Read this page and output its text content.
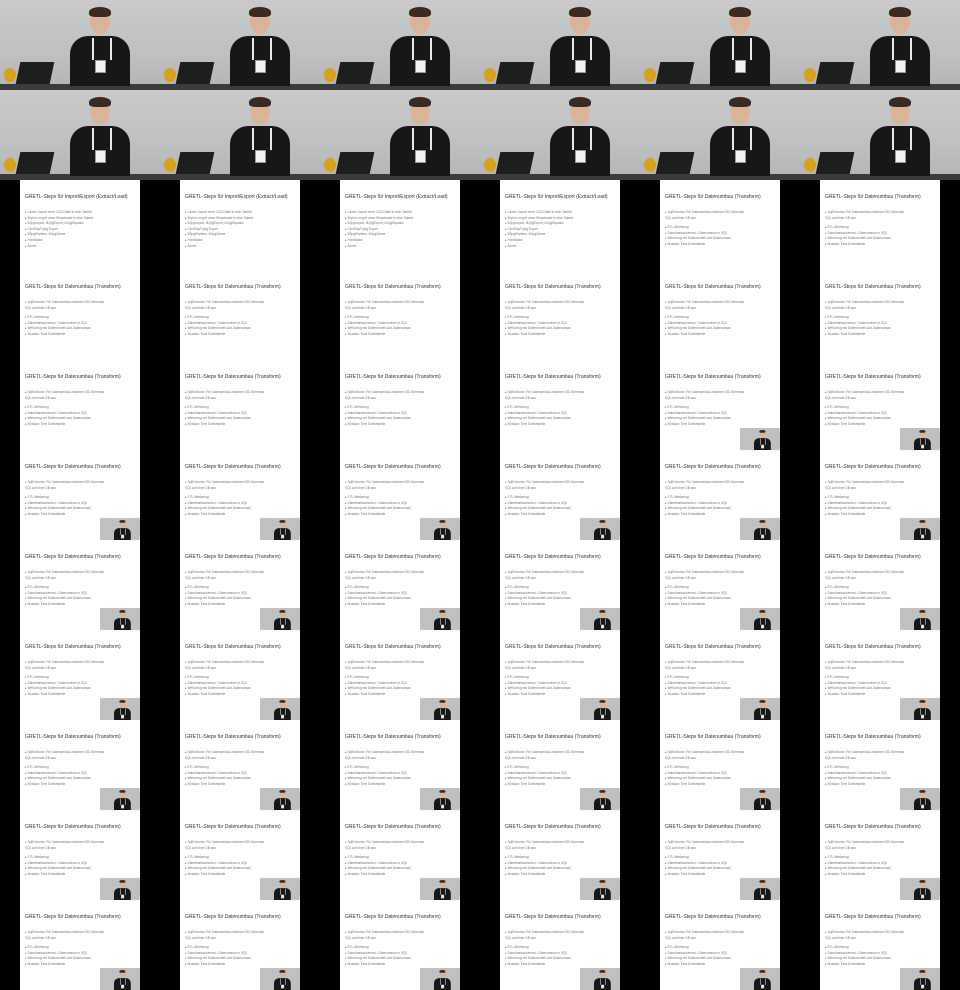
GRETL-Steps für Import/Export (Extract/Load)
▸ Csvlm: Import einer CSV-Datei in eine Tabelle
▸ Shplm: Import einer Shapedatei in eine Tabelle
▸ Ili2pgImport, Ili2pgExport, Ili2pgReplace
▸ Csv/Shp/Gpkg Export
▸ Ili2pgReplace, Ili2pgDelete
▸ Publikation
▸ Archiv: ...
GRETL-Steps für Import/Export (Extract/Load)
▸ Csvlm: Import einer CSV-Datei in eine Tabelle
▸ Shplm: Import einer Shapedatei in eine Tabelle
▸ Ili2pgImport, Ili2pgExport, Ili2pgReplace
▸ Csv/Shp/Gpkg Export
▸ Ili2pgReplace, Ili2pgDelete
▸ Publikation
▸ Archiv: ...
GRETL-Steps für Import/Export (Extract/Load)
▸ Csvlm: Import einer CSV-Datei in eine Tabelle
▸ Shplm: Import einer Shapedatei in eine Tabelle
▸ Ili2pgImport, Ili2pgExport, Ili2pgReplace
▸ Csv/Shp/Gpkg Export
▸ Ili2pgReplace, Ili2pgDelete
▸ Publikation
▸ Archiv: ...
GRETL-Steps für Import/Export (Extract/Load)
▸ Csvlm: Import einer CSV-Datei in eine Tabelle
▸ Shplm: Import einer Shapedatei in eine Tabelle
▸ Ili2pgImport, Ili2pgExport, Ili2pgReplace
▸ Csv/Shp/Gpkg Export
▸ Ili2pgReplace, Ili2pgDelete
▸ Publikation
▸ Archiv: ...
GRETL-Steps für Datenumbau (Transform)
▸ SqlExecutor: Für Datenumbau zwischen DB-Schemas
SQL auf einer DB aus
▸ ETL-Werkzeug
▸ Datenbankschemen / Datenumbau in SQL
▸ Werkzeug mit Datenmodell und Datenumbau
▸ Modular: Eine Schnittstelle
GRETL-Steps für Datenumbau (Transform)
▸ SqlExecutor: Für Datenumbau zwischen DB-Schemas
SQL auf einer DB aus
▸ ETL-Werkzeug
▸ Datenbankschemen / Datenumbau in SQL
▸ Werkzeug mit Datenmodell und Datenumbau
▸ Modular: Eine Schnittstelle
GRETL-Steps für Datenumbau (Transform)
▸ SqlExecutor: Für Datenumbau zwischen DB-Schemas
SQL auf einer DB aus
▸ ETL-Werkzeug
▸ Datenbankschemen / Datenumbau in SQL
▸ Werkzeug mit Datenmodell und Datenumbau
▸ Modular: Eine Schnittstelle
GRETL-Steps für Datenumbau (Transform)
▸ SqlExecutor: Für Datenumbau zwischen DB-Schemas
SQL auf einer DB aus
▸ ETL-Werkzeug
▸ Datenbankschemen / Datenumbau in SQL
▸ Werkzeug mit Datenmodell und Datenumbau
▸ Modular: Eine Schnittstelle
GRETL-Steps für Datenumbau (Transform)
▸ SqlExecutor: Für Datenumbau zwischen DB-Schemas
SQL auf einer DB aus
▸ ETL-Werkzeug
▸ Datenbankschemen / Datenumbau in SQL
▸ Werkzeug mit Datenmodell und Datenumbau
▸ Modular: Eine Schnittstelle
GRETL-Steps für Datenumbau (Transform)
▸ SqlExecutor: Für Datenumbau zwischen DB-Schemas
SQL auf einer DB aus
▸ ETL-Werkzeug
▸ Datenbankschemen / Datenumbau in SQL
▸ Werkzeug mit Datenmodell und Datenumbau
▸ Modular: Eine Schnittstelle
GRETL-Steps für Datenumbau (Transform)
▸ SqlExecutor: Für Datenumbau zwischen DB-Schemas
SQL auf einer DB aus
▸ ETL-Werkzeug
▸ Datenbankschemen / Datenumbau in SQL
▸ Werkzeug mit Datenmodell und Datenumbau
▸ Modular: Eine Schnittstelle
GRETL-Steps für Datenumbau (Transform)
▸ SqlExecutor: Für Datenumbau zwischen DB-Schemas
SQL auf einer DB aus
▸ ETL-Werkzeug
▸ Datenbankschemen / Datenumbau in SQL
▸ Werkzeug mit Datenmodell und Datenumbau
▸ Modular: Eine Schnittstelle
GRETL-Steps für Datenumbau (Transform)
▸ SqlExecutor: Für Datenumbau zwischen DB-Schemas
SQL auf einer DB aus
▸ ETL-Werkzeug
▸ Datenbankschemen / Datenumbau in SQL
▸ Werkzeug mit Datenmodell und Datenumbau
▸ Modular: Eine Schnittstelle
GRETL-Steps für Datenumbau (Transform)
▸ SqlExecutor: Für Datenumbau zwischen DB-Schemas
SQL auf einer DB aus
▸ ETL-Werkzeug
▸ Datenbankschemen / Datenumbau in SQL
▸ Werkzeug mit Datenmodell und Datenumbau
▸ Modular: Eine Schnittstelle
GRETL-Steps für Datenumbau (Transform)
▸ SqlExecutor: Für Datenumbau zwischen DB-Schemas
SQL auf einer DB aus
▸ ETL-Werkzeug
▸ Datenbankschemen / Datenumbau in SQL
▸ Werkzeug mit Datenmodell und Datenumbau
▸ Modular: Eine Schnittstelle
GRETL-Steps für Datenumbau (Transform)
▸ SqlExecutor: Für Datenumbau zwischen DB-Schemas
SQL auf einer DB aus
▸ ETL-Werkzeug
▸ Datenbankschemen / Datenumbau in SQL
▸ Werkzeug mit Datenmodell und Datenumbau
▸ Modular: Eine Schnittstelle
GRETL-Steps für Datenumbau (Transform)
▸ SqlExecutor: Für Datenumbau zwischen DB-Schemas
SQL auf einer DB aus
▸ ETL-Werkzeug
▸ Datenbankschemen / Datenumbau in SQL
▸ Werkzeug mit Datenmodell und Datenumbau
▸ Modular: Eine Schnittstelle
GRETL-Steps für Datenumbau (Transform)
▸ SqlExecutor: Für Datenumbau zwischen DB-Schemas
SQL auf einer DB aus
▸ ETL-Werkzeug
▸ Datenbankschemen / Datenumbau in SQL
▸ Werkzeug mit Datenmodell und Datenumbau
▸ Modular: Eine Schnittstelle
GRETL-Steps für Datenumbau (Transform)
▸ SqlExecutor: Für Datenumbau zwischen DB-Schemas
SQL auf einer DB aus
▸ ETL-Werkzeug
▸ Datenbankschemen / Datenumbau in SQL
▸ Werkzeug mit Datenmodell und Datenumbau
▸ Modular: Eine Schnittstelle
GRETL-Steps für Datenumbau (Transform)
▸ SqlExecutor: Für Datenumbau zwischen DB-Schemas
SQL auf einer DB aus
▸ ETL-Werkzeug
▸ Datenbankschemen / Datenumbau in SQL
▸ Werkzeug mit Datenmodell und Datenumbau
▸ Modular: Eine Schnittstelle
GRETL-Steps für Datenumbau (Transform)
▸ SqlExecutor: Für Datenumbau zwischen DB-Schemas
SQL auf einer DB aus
▸ ETL-Werkzeug
▸ Datenbankschemen / Datenumbau in SQL
▸ Werkzeug mit Datenmodell und Datenumbau
▸ Modular: Eine Schnittstelle
GRETL-Steps für Datenumbau (Transform)
▸ SqlExecutor: Für Datenumbau zwischen DB-Schemas
SQL auf einer DB aus
▸ ETL-Werkzeug
▸ Datenbankschemen / Datenumbau in SQL
▸ Werkzeug mit Datenmodell und Datenumbau
▸ Modular: Eine Schnittstelle
GRETL-Steps für Datenumbau (Transform)
▸ SqlExecutor: Für Datenumbau zwischen DB-Schemas
SQL auf einer DB aus
▸ ETL-Werkzeug
▸ Datenbankschemen / Datenumbau in SQL
▸ Werkzeug mit Datenmodell und Datenumbau
▸ Modular: Eine Schnittstelle
GRETL-Steps für Datenumbau (Transform)
▸ SqlExecutor: Für Datenumbau zwischen DB-Schemas
SQL auf einer DB aus
▸ ETL-Werkzeug
▸ Datenbankschemen / Datenumbau in SQL
▸ Werkzeug mit Datenmodell und Datenumbau
▸ Modular: Eine Schnittstelle
GRETL-Steps für Datenumbau (Transform)
▸ SqlExecutor: Für Datenumbau zwischen DB-Schemas
SQL auf einer DB aus
▸ ETL-Werkzeug
▸ Datenbankschemen / Datenumbau in SQL
▸ Werkzeug mit Datenmodell und Datenumbau
▸ Modular: Eine Schnittstelle
GRETL-Steps für Datenumbau (Transform)
▸ SqlExecutor: Für Datenumbau zwischen DB-Schemas
SQL auf einer DB aus
▸ ETL-Werkzeug
▸ Datenbankschemen / Datenumbau in SQL
▸ Werkzeug mit Datenmodell und Datenumbau
▸ Modular: Eine Schnittstelle
GRETL-Steps für Datenumbau (Transform)
▸ SqlExecutor: Für Datenumbau zwischen DB-Schemas
SQL auf einer DB aus
▸ ETL-Werkzeug
▸ Datenbankschemen / Datenumbau in SQL
▸ Werkzeug mit Datenmodell und Datenumbau
▸ Modular: Eine Schnittstelle
GRETL-Steps für Datenumbau (Transform)
▸ SqlExecutor: Für Datenumbau zwischen DB-Schemas
SQL auf einer DB aus
▸ ETL-Werkzeug
▸ Datenbankschemen / Datenumbau in SQL
▸ Werkzeug mit Datenmodell und Datenumbau
▸ Modular: Eine Schnittstelle
GRETL-Steps für Datenumbau (Transform)
▸ SqlExecutor: Für Datenumbau zwischen DB-Schemas
SQL auf einer DB aus
▸ ETL-Werkzeug
▸ Datenbankschemen / Datenumbau in SQL
▸ Werkzeug mit Datenmodell und Datenumbau
▸ Modular: Eine Schnittstelle
GRETL-Steps für Datenumbau (Transform)
▸ SqlExecutor: Für Datenumbau zwischen DB-Schemas
SQL auf einer DB aus
▸ ETL-Werkzeug
▸ Datenbankschemen / Datenumbau in SQL
▸ Werkzeug mit Datenmodell und Datenumbau
▸ Modular: Eine Schnittstelle
GRETL-Steps für Datenumbau (Transform)
▸ SqlExecutor: Für Datenumbau zwischen DB-Schemas
SQL auf einer DB aus
▸ ETL-Werkzeug
▸ Datenbankschemen / Datenumbau in SQL
▸ Werkzeug mit Datenmodell und Datenumbau
▸ Modular: Eine Schnittstelle
GRETL-Steps für Datenumbau (Transform)
▸ SqlExecutor: Für Datenumbau zwischen DB-Schemas
SQL auf einer DB aus
▸ ETL-Werkzeug
▸ Datenbankschemen / Datenumbau in SQL
▸ Werkzeug mit Datenmodell und Datenumbau
▸ Modular: Eine Schnittstelle
GRETL-Steps für Datenumbau (Transform)
▸ SqlExecutor: Für Datenumbau zwischen DB-Schemas
SQL auf einer DB aus
▸ ETL-Werkzeug
▸ Datenbankschemen / Datenumbau in SQL
▸ Werkzeug mit Datenmodell und Datenumbau
▸ Modular: Eine Schnittstelle
GRETL-Steps für Datenumbau (Transform)
▸ SqlExecutor: Für Datenumbau zwischen DB-Schemas
SQL auf einer DB aus
▸ ETL-Werkzeug
▸ Datenbankschemen / Datenumbau in SQL
▸ Werkzeug mit Datenmodell und Datenumbau
▸ Modular: Eine Schnittstelle
GRETL-Steps für Datenumbau (Transform)
▸ SqlExecutor: Für Datenumbau zwischen DB-Schemas
SQL auf einer DB aus
▸ ETL-Werkzeug
▸ Datenbankschemen / Datenumbau in SQL
▸ Werkzeug mit Datenmodell und Datenumbau
▸ Modular: Eine Schnittstelle
GRETL-Steps für Datenumbau (Transform)
▸ SqlExecutor: Für Datenumbau zwischen DB-Schemas
SQL auf einer DB aus
▸ ETL-Werkzeug
▸ Datenbankschemen / Datenumbau in SQL
▸ Werkzeug mit Datenmodell und Datenumbau
▸ Modular: Eine Schnittstelle
GRETL-Steps für Datenumbau (Transform)
▸ SqlExecutor: Für Datenumbau zwischen DB-Schemas
SQL auf einer DB aus
▸ ETL-Werkzeug
▸ Datenbankschemen / Datenumbau in SQL
▸ Werkzeug mit Datenmodell und Datenumbau
▸ Modular: Eine Schnittstelle
GRETL-Steps für Datenumbau (Transform)
▸ SqlExecutor: Für Datenumbau zwischen DB-Schemas
SQL auf einer DB aus
▸ ETL-Werkzeug
▸ Datenbankschemen / Datenumbau in SQL
▸ Werkzeug mit Datenmodell und Datenumbau
▸ Modular: Eine Schnittstelle
GRETL-Steps für Datenumbau (Transform)
▸ SqlExecutor: Für Datenumbau zwischen DB-Schemas
SQL auf einer DB aus
▸ ETL-Werkzeug
▸ Datenbankschemen / Datenumbau in SQL
▸ Werkzeug mit Datenmodell und Datenumbau
▸ Modular: Eine Schnittstelle
GRETL-Steps für Datenumbau (Transform)
▸ SqlExecutor: Für Datenumbau zwischen DB-Schemas
SQL auf einer DB aus
▸ ETL-Werkzeug
▸ Datenbankschemen / Datenumbau in SQL
▸ Werkzeug mit Datenmodell und Datenumbau
▸ Modular: Eine Schnittstelle
GRETL-Steps für Datenumbau (Transform)
▸ SqlExecutor: Für Datenumbau zwischen DB-Schemas
SQL auf einer DB aus
▸ ETL-Werkzeug
▸ Datenbankschemen / Datenumbau in SQL
▸ Werkzeug mit Datenmodell und Datenumbau
▸ Modular: Eine Schnittstelle
GRETL-Steps für Datenumbau (Transform)
▸ SqlExecutor: Für Datenumbau zwischen DB-Schemas
SQL auf einer DB aus
▸ ETL-Werkzeug
▸ Datenbankschemen / Datenumbau in SQL
▸ Werkzeug mit Datenmodell und Datenumbau
▸ Modular: Eine Schnittstelle
GRETL-Steps für Datenumbau (Transform)
▸ SqlExecutor: Für Datenumbau zwischen DB-Schemas
SQL auf einer DB aus
▸ ETL-Werkzeug
▸ Datenbankschemen / Datenumbau in SQL
▸ Werkzeug mit Datenmodell und Datenumbau
▸ Modular: Eine Schnittstelle
GRETL-Steps für Datenumbau (Transform)
▸ SqlExecutor: Für Datenumbau zwischen DB-Schemas
SQL auf einer DB aus
▸ ETL-Werkzeug
▸ Datenbankschemen / Datenumbau in SQL
▸ Werkzeug mit Datenmodell und Datenumbau
▸ Modular: Eine Schnittstelle
GRETL-Steps für Datenumbau (Transform)
▸ SqlExecutor: Für Datenumbau zwischen DB-Schemas
SQL auf einer DB aus
▸ ETL-Werkzeug
▸ Datenbankschemen / Datenumbau in SQL
▸ Werkzeug mit Datenmodell und Datenumbau
▸ Modular: Eine Schnittstelle
GRETL-Steps für Datenumbau (Transform)
▸ SqlExecutor: Für Datenumbau zwischen DB-Schemas
SQL auf einer DB aus
▸ ETL-Werkzeug
▸ Datenbankschemen / Datenumbau in SQL
▸ Werkzeug mit Datenmodell und Datenumbau
▸ Modular: Eine Schnittstelle
GRETL-Steps für Datenumbau (Transform)
▸ SqlExecutor: Für Datenumbau zwischen DB-Schemas
SQL auf einer DB aus
▸ ETL-Werkzeug
▸ Datenbankschemen / Datenumbau in SQL
▸ Werkzeug mit Datenmodell und Datenumbau
▸ Modular: Eine Schnittstelle
GRETL-Steps für Datenumbau (Transform)
▸ SqlExecutor: Für Datenumbau zwischen DB-Schemas
SQL auf einer DB aus
▸ ETL-Werkzeug
▸ Datenbankschemen / Datenumbau in SQL
▸ Werkzeug mit Datenmodell und Datenumbau
▸ Modular: Eine Schnittstelle
GRETL-Steps für Datenumbau (Transform)
▸ SqlExecutor: Für Datenumbau zwischen DB-Schemas
SQL auf einer DB aus
▸ ETL-Werkzeug
▸ Datenbankschemen / Datenumbau in SQL
▸ Werkzeug mit Datenmodell und Datenumbau
▸ Modular: Eine Schnittstelle
GRETL-Steps für Datenumbau (Transform)
▸ SqlExecutor: Für Datenumbau zwischen DB-Schemas
SQL auf einer DB aus
▸ ETL-Werkzeug
▸ Datenbankschemen / Datenumbau in SQL
▸ Werkzeug mit Datenmodell und Datenumbau
▸ Modular: Eine Schnittstelle
GRETL-Steps für Datenumbau (Transform)
▸ SqlExecutor: Für Datenumbau zwischen DB-Schemas
SQL auf einer DB aus
▸ ETL-Werkzeug
▸ Datenbankschemen / Datenumbau in SQL
▸ Werkzeug mit Datenmodell und Datenumbau
▸ Modular: Eine Schnittstelle
GRETL-Steps für Datenumbau (Transform)
▸ SqlExecutor: Für Datenumbau zwischen DB-Schemas
SQL auf einer DB aus
▸ ETL-Werkzeug
▸ Datenbankschemen / Datenumbau in SQL
▸ Werkzeug mit Datenmodell und Datenumbau
▸ Modular: Eine Schnittstelle
GRETL-Steps für Datenumbau (Transform)
▸ SqlExecutor: Für Datenumbau zwischen DB-Schemas
SQL auf einer DB aus
▸ ETL-Werkzeug
▸ Datenbankschemen / Datenumbau in SQL
▸ Werkzeug mit Datenmodell und Datenumbau
▸ Modular: Eine Schnittstelle
GRETL-Steps für Datenumbau (Transform)
▸ SqlExecutor: Für Datenumbau zwischen DB-Schemas
SQL auf einer DB aus
▸ ETL-Werkzeug
▸ Datenbankschemen / Datenumbau in SQL
▸ Werkzeug mit Datenmodell und Datenumbau
▸ Modular: Eine Schnittstelle
